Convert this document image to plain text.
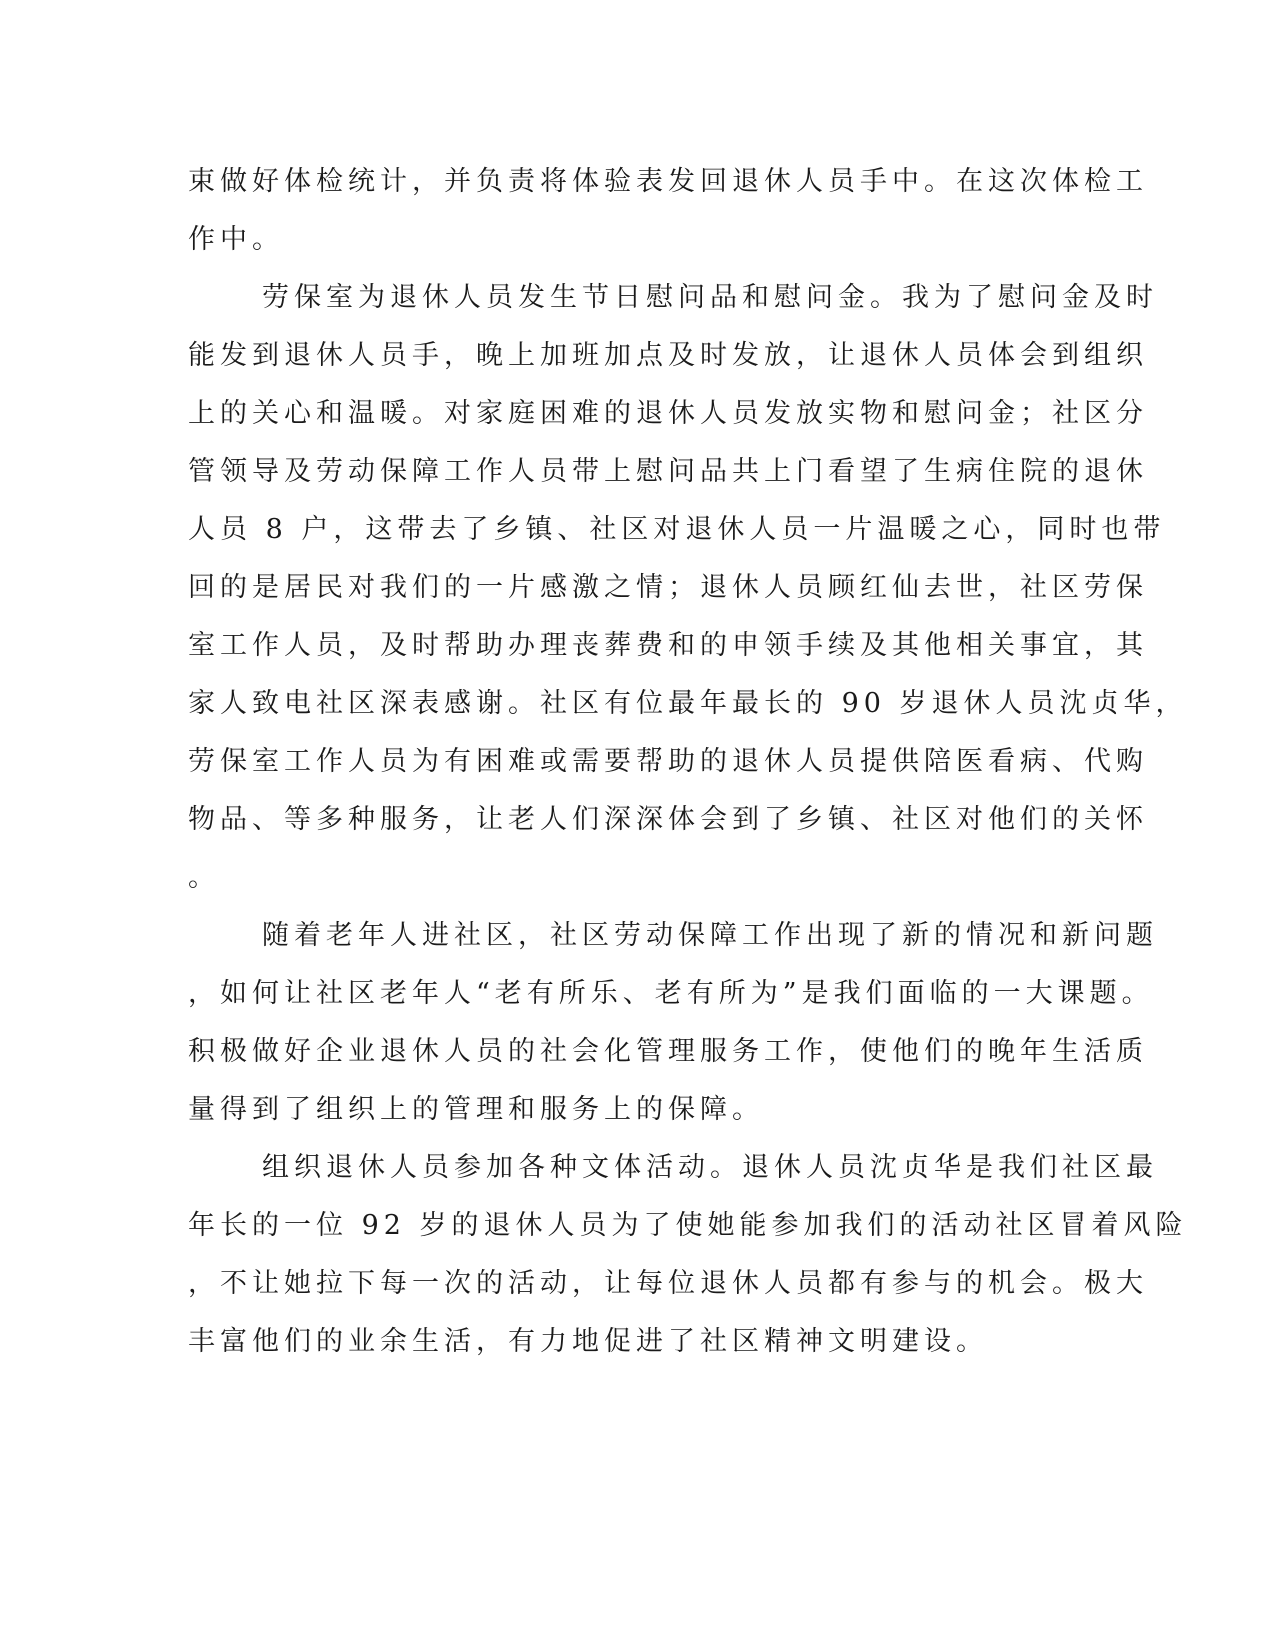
束做好体检统计，并负责将体验表发回退休人员手中。在这次体检工
作中。
劳保室为退休人员发生节日慰问品和慰问金。我为了慰问金及时
能发到退休人员手，晚上加班加点及时发放，让退休人员体会到组织
上的关心和温暖。对家庭困难的退休人员发放实物和慰问金；社区分
管领导及劳动保障工作人员带上慰问品共上门看望了生病住院的退休
人员 8 户，这带去了乡镇、社区对退休人员一片温暖之心，同时也带
回的是居民对我们的一片感激之情；退休人员顾红仙去世，社区劳保
室工作人员，及时帮助办理丧葬费和的申领手续及其他相关事宜，其
家人致电社区深表感谢。社区有位最年最长的 90 岁退休人员沈贞华，
劳保室工作人员为有困难或需要帮助的退休人员提供陪医看病、代购
物品、等多种服务，让老人们深深体会到了乡镇、社区对他们的关怀
。
随着老年人进社区，社区劳动保障工作出现了新的情况和新问题
，如何让社区老年人“老有所乐、老有所为”是我们面临的一大课题。
积极做好企业退休人员的社会化管理服务工作，使他们的晚年生活质
量得到了组织上的管理和服务上的保障。
组织退休人员参加各种文体活动。退休人员沈贞华是我们社区最
年长的一位 92 岁的退休人员为了使她能参加我们的活动社区冒着风险
，不让她拉下每一次的活动，让每位退休人员都有参与的机会。极大
丰富他们的业余生活，有力地促进了社区精神文明建设。
